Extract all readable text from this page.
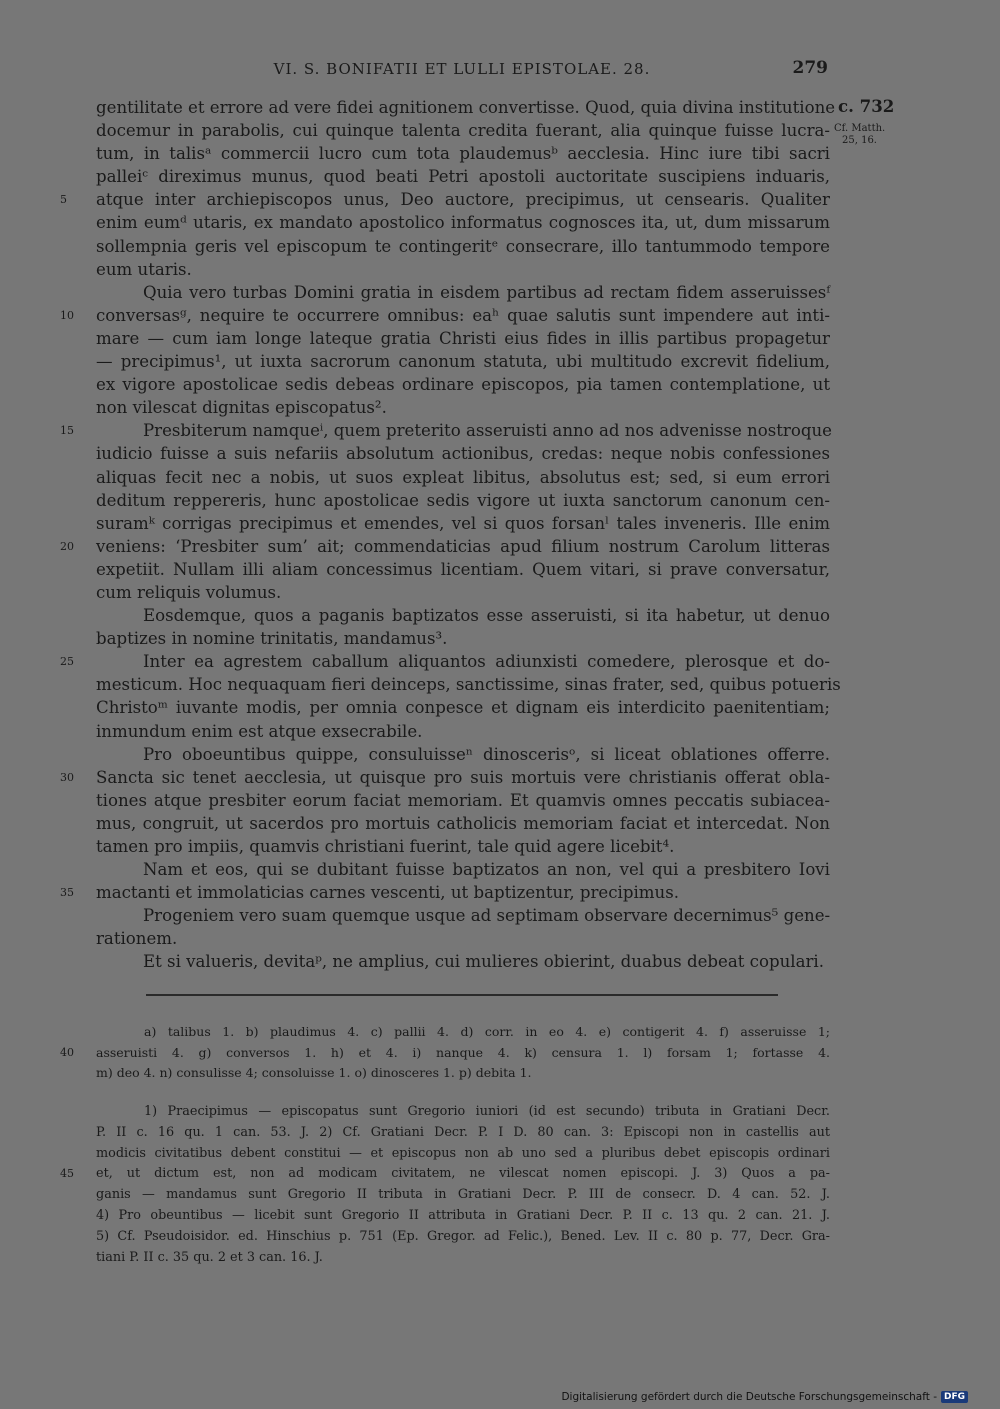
VI. S. BONIFATII ET LULLI EPISTOLAE. 28.	279
c. 732
Cf. Matth.
25, 16.
gentilitate et errore ad vere fidei agnitionem convertisse. Quod, quia divina institutione
docemur in parabolis, cui quinque talenta credita fuerant, alia quinque fuisse lucra-
tum, in talisᵃ commercii lucro cum tota plaudemusᵇ aecclesia. Hinc iure tibi sacri
palleiᶜ direximus munus, quod beati Petri apostoli auctoritate suscipiens induaris,
5	atque inter archiepiscopos unus, Deo auctore, precipimus, ut censearis. Qualiter
enim eumᵈ utaris, ex mandato apostolico informatus cognosces ita, ut, dum missarum
sollempnia geris vel episcopum te contingeritᵉ consecrare, illo tantummodo tempore
eum utaris.
Quia vero turbas Domini gratia in eisdem partibus ad rectam fidem asseruissesᶠ
10	conversasᵍ, nequire te occurrere omnibus: eaʰ quae salutis sunt impendere aut inti-
mare — cum iam longe lateque gratia Christi eius fides in illis partibus propagetur
— precipimus¹, ut iuxta sacrorum canonum statuta, ubi multitudo excrevit fidelium,
ex vigore apostolicae sedis debeas ordinare episcopos, pia tamen contemplatione, ut
non vilescat dignitas episcopatus².
15	Presbiterum namqueⁱ, quem preterito asseruisti anno ad nos advenisse nostroque
iudicio fuisse a suis nefariis absolutum actionibus, credas: neque nobis confessiones
aliquas fecit nec a nobis, ut suos expleat libitus, absolutus est; sed, si eum errori
deditum reppereris, hunc apostolicae sedis vigore ut iuxta sanctorum canonum cen-
suramᵏ corrigas precipimus et emendes, vel si quos forsanˡ tales inveneris. Ille enim
20	veniens: ‘Presbiter sum’ ait; commendaticias apud filium nostrum Carolum litteras
expetiit. Nullam illi aliam concessimus licentiam. Quem vitari, si prave conversatur,
cum reliquis volumus.
Eosdemque, quos a paganis baptizatos esse asseruisti, si ita habetur, ut denuo
baptizes in nomine trinitatis, mandamus³.
25	Inter ea agrestem caballum aliquantos adiunxisti comedere, plerosque et do-
mesticum. Hoc nequaquam fieri deinceps, sanctissime, sinas frater, sed, quibus potueris
Christoᵐ iuvante modis, per omnia conpesce et dignam eis interdicito paenitentiam;
inmundum enim est atque exsecrabile.
Pro oboeuntibus quippe, consuluisseⁿ dinoscerisᵒ, si liceat oblationes offerre.
30	Sancta sic tenet aecclesia, ut quisque pro suis mortuis vere christianis offerat obla-
tiones atque presbiter eorum faciat memoriam. Et quamvis omnes peccatis subiacea-
mus, congruit, ut sacerdos pro mortuis catholicis memoriam faciat et intercedat. Non
tamen pro impiis, quamvis christiani fuerint, tale quid agere licebit⁴.
Nam et eos, qui se dubitant fuisse baptizatos an non, vel qui a presbitero Iovi
35	mactanti et immolaticias carnes vescenti, ut baptizentur, precipimus.
Progeniem vero suam quemque usque ad septimam observare decernimus⁵ gene-
rationem.
Et si valueris, devitaᵖ, ne amplius, cui mulieres obierint, duabus debeat copulari.
a) talibus 1. b) plaudimus 4. c) pallii 4. d) corr. in eo 4. e) contigerit 4. f) asseruisse 1;
40	asseruisti 4. g) conversos 1. h) et 4. i) nanque 4. k) censura 1. l) forsam 1; fortasse 4.
m) deo 4. n) consulisse 4; consoluisse 1. o) dinosceres 1. p) debita 1.
1) Praecipimus — episcopatus sunt Gregorio iuniori (id est secundo) tributa in Gratiani Decr.
P. II c. 16 qu. 1 can. 53. J. 2) Cf. Gratiani Decr. P. I D. 80 can. 3: Episcopi non in castellis aut
modicis civitatibus debent constitui — et episcopus non ab uno sed a pluribus debet episcopis ordinari
45	et, ut dictum est, non ad modicam civitatem, ne vilescat nomen episcopi. J. 3) Quos a pa-
ganis — mandamus sunt Gregorio II tributa in Gratiani Decr. P. III de consecr. D. 4 can. 52. J.
4) Pro obeuntibus — licebit sunt Gregorio II attributa in Gratiani Decr. P. II c. 13 qu. 2 can. 21. J.
5) Cf. Pseudoisidor. ed. Hinschius p. 751 (Ep. Gregor. ad Felic.), Bened. Lev. II c. 80 p. 77, Decr. Gra-
tiani P. II c. 35 qu. 2 et 3 can. 16. J.
Digitalisierung gefördert durch die Deutsche Forschungsgemeinschaft - DFG
